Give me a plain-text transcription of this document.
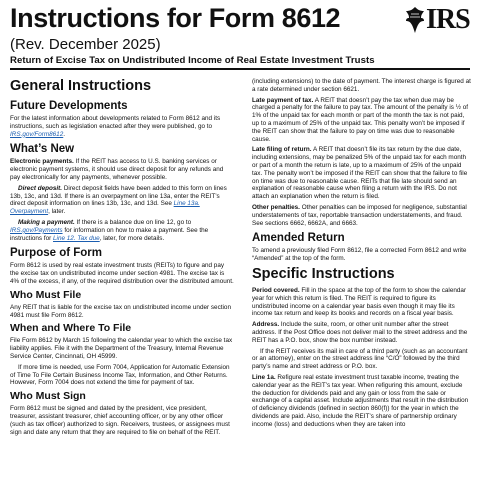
Instructions for Form 8612
(Rev. December 2025)
IRS
Return of Excise Tax on Undistributed Income of Real Estate Investment Trusts
General Instructions
Future Developments

For the latest information about developments related to Form 8612 and its instructions, such as legislation enacted after they were published, go to IRS.gov/Form8612.

What’s New

Electronic payments. If the REIT has access to U.S. banking services or electronic payment systems, it should use direct deposit for any refunds and pay electronically for any payments, whenever possible.

Direct deposit. Direct deposit fields have been added to this form on lines 13b, 13c, and 13d. If there is an overpayment on line 13a, enter the REIT’s direct deposit information on lines 13b, 13c, and 13d. See Line 13a. Overpayment, later.

Making a payment. If there is a balance due on line 12, go to IRS.gov/Payments for information on how to make a payment. See the instructions for Line 12. Tax due, later, for more details.

Purpose of Form

Form 8612 is used by real estate investment trusts (REITs) to figure and pay the excise tax on undistributed income under section 4981. The excise tax is 4% of the excess, if any, of the required distribution over the distributed amount.

Who Must File

Any REIT that is liable for the excise tax on undistributed income under section 4981 must file Form 8612.

When and Where To File

File Form 8612 by March 15 following the calendar year to which the excise tax liability applies. File it with the Department of the Treasury, Internal Revenue Service Center, Cincinnati, OH 45999.

If more time is needed, use Form 7004, Application for Automatic Extension of Time To File Certain Business Income Tax, Information, and Other Returns. However, Form 7004 does not extend the time for payment of tax.

Who Must Sign

Form 8612 must be signed and dated by the president, vice president, treasurer, assistant treasurer, chief accounting officer, or by any other officer (such as tax officer) authorized to sign. Receivers, trustees, or assignees must sign and date any return that they are required to file on behalf of the REIT.

(including extensions) to the date of payment. The interest charge is figured at a rate determined under section 6621.

Late payment of tax. A REIT that doesn’t pay the tax when due may be charged a penalty for the failure to pay tax. The amount of the penalty is ½ of 1% of the unpaid tax for each month or part of the month the tax is not paid, up to a maximum of 25% of the unpaid tax. This penalty won’t be imposed if the REIT can show that the failure to pay on time was due to reasonable cause.

Late filing of return. A REIT that doesn’t file its tax return by the due date, including extensions, may be penalized 5% of the unpaid tax for each month or part of a month the return is late, up to a maximum of 25% of the unpaid tax. The penalty won’t be imposed if the REIT can show that the failure to file on time was due to reasonable cause. REITs that file late should send an explanation of reasonable cause when filing a return with the IRS. Do not attach an explanation when the return is filed.

Other penalties. Other penalties can be imposed for negligence, substantial understatements of tax, reportable transaction understatements, and fraud. See sections 6662, 6662A, and 6663.

Amended Return

To amend a previously filed Form 8612, file a corrected Form 8612 and write “Amended” at the top of the form.

Specific Instructions

Period covered. Fill in the space at the top of the form to show the calendar year for which this return is filed. The REIT is required to figure its undistributed income on a calendar year basis even though it may file its income tax return and keep its books and records on a fiscal year basis.

Address. Include the suite, room, or other unit number after the street address. If the Post Office does not deliver mail to the street address and the REIT has a P.O. box, show the box number instead.

If the REIT receives its mail in care of a third party (such as an accountant or an attorney), enter on the street address line “C/O” followed by the third party’s name and street address or P.O. box.

Line 1a. Refigure real estate investment trust taxable income, treating the calendar year as the REIT’s tax year. When refiguring this amount, exclude the deduction for dividends paid and any gain or loss from the sale or exchange of a capital asset. Include adjustments that result in the distribution of deficiency dividends (defined in section 860(f)) for the year in which the dividends are paid. Also, include the REIT’s share of partnership ordinary income (loss) and deductions when they are taken into
